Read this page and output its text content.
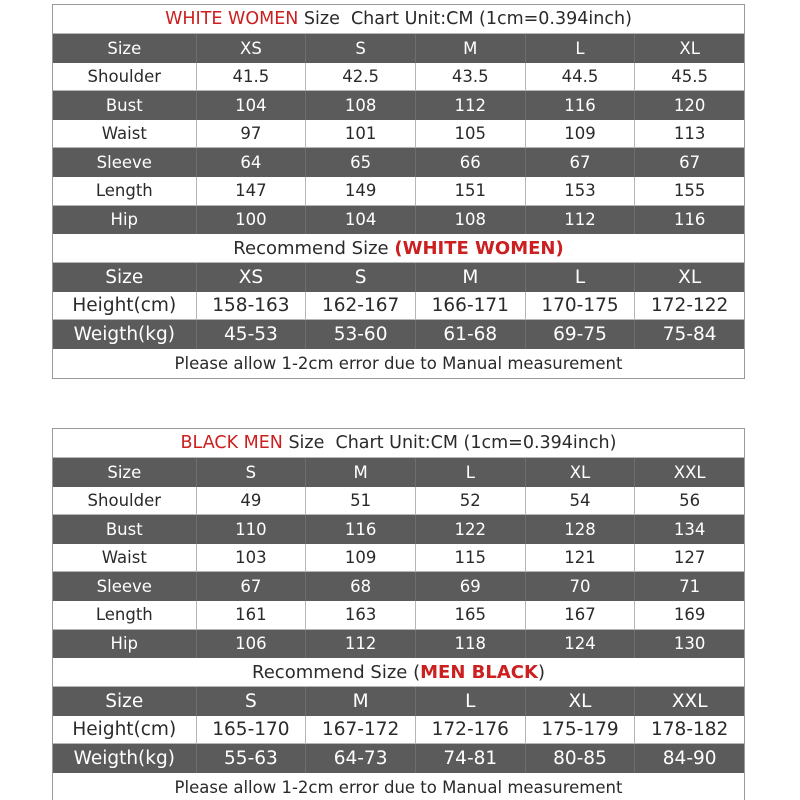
WHITE WOMEN Size  Chart Unit:CM (1cm=0.394inch)
Size	XS	S	M	L	XL
Shoulder	41.5	42.5	43.5	44.5	45.5
Bust	104	108	112	116	120
Waist	97	101	105	109	113
Sleeve	64	65	66	67	67
Length	147	149	151	153	155
Hip	100	104	108	112	116
Recommend Size (WHITE WOMEN)
Size	XS	S	M	L	XL
Height(cm)	158-163	162-167	166-171	170-175	172-122
Weigth(kg)	45-53	53-60	61-68	69-75	75-84
Please allow 1-2cm error due to Manual measurement
BLACK MEN Size  Chart Unit:CM (1cm=0.394inch)
Size	S	M	L	XL	XXL
Shoulder	49	51	52	54	56
Bust	110	116	122	128	134
Waist	103	109	115	121	127
Sleeve	67	68	69	70	71
Length	161	163	165	167	169
Hip	106	112	118	124	130
Recommend Size ( MEN BLACK )
Size	S	M	L	XL	XXL
Height(cm)	165-170	167-172	172-176	175-179	178-182
Weigth(kg)	55-63	64-73	74-81	80-85	84-90
Please allow 1-2cm error due to Manual measurement
